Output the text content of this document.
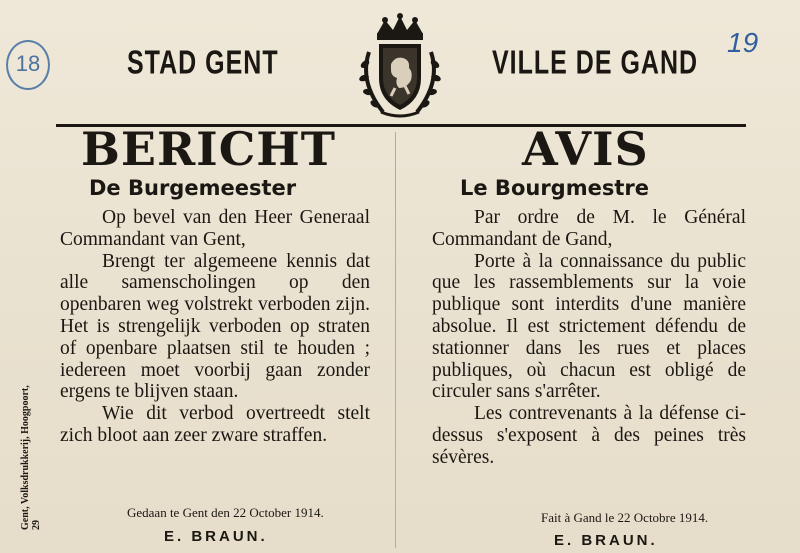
18
19
STAD GENT	VILLE DE GAND
BERICHT
De Burgemeester

Op bevel van den Heer Generaal Commandant van Gent,

Brengt ter algemeene kennis dat alle samenscholingen op den openbaren weg volstrekt verboden zijn. Het is strengelijk verboden op straten of openbare plaatsen stil te houden ; iedereen moet voorbij gaan zonder ergens te blijven staan.

Wie dit verbod overtreedt stelt zich bloot aan zeer zware straffen.

Gedaan te Gent den 22 October 1914.
E. BRAUN.
Gent, Volksdrukkerij, Hoogpoort, 29
AVIS
Le Bourgmestre

Par ordre de M. le Général Commandant de Gand,

Porte à la connaissance du public que les rassemblements sur la voie publique sont interdits d'une manière absolue. Il est strictement défendu de stationner dans les rues et places publiques, où chacun est obligé de circuler sans s'arrêter.

Les contrevenants à la défense ci-dessus s'exposent à des peines très sévères.

Fait à Gand le 22 Octobre 1914.
E. BRAUN.
